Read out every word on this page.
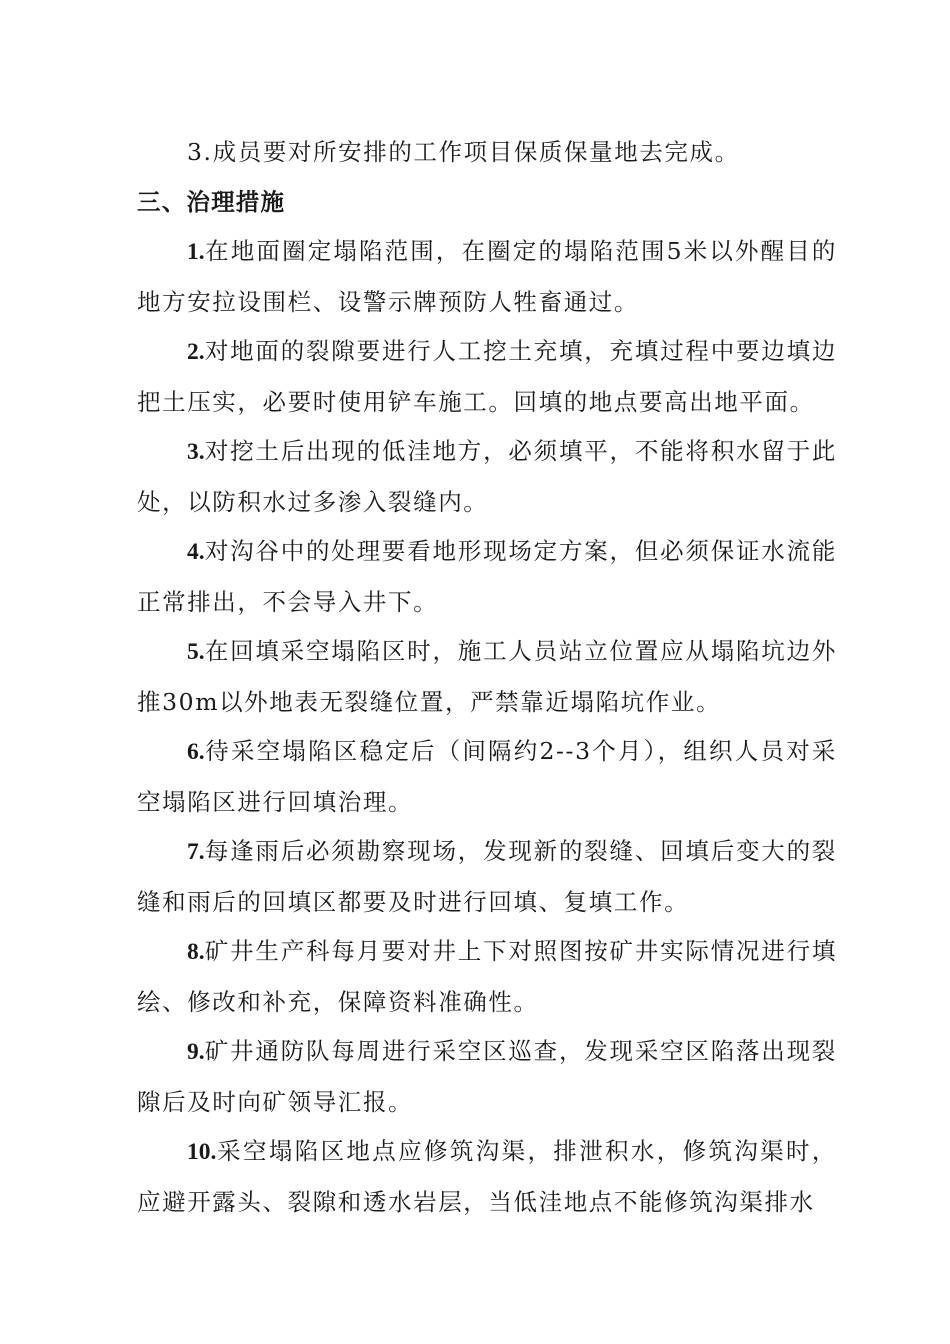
3.成员要对所安排的工作项目保质保量地去完成。

三、治理措施

1.在地面圈定塌陷范围，在圈定的塌陷范围5米以外醒目的地方安拉设围栏、设警示牌预防人牲畜通过。

2.对地面的裂隙要进行人工挖土充填，充填过程中要边填边把土压实，必要时使用铲车施工。回填的地点要高出地平面。

3.对挖土后出现的低洼地方，必须填平，不能将积水留于此处，以防积水过多渗入裂缝内。

4.对沟谷中的处理要看地形现场定方案，但必须保证水流能正常排出，不会导入井下。

5.在回填采空塌陷区时，施工人员站立位置应从塌陷坑边外推30m以外地表无裂缝位置，严禁靠近塌陷坑作业。

6.待采空塌陷区稳定后（间隔约2--3个月），组织人员对采空塌陷区进行回填治理。

7.每逢雨后必须勘察现场，发现新的裂缝、回填后变大的裂缝和雨后的回填区都要及时进行回填、复填工作。

8.矿井生产科每月要对井上下对照图按矿井实际情况进行填绘、修改和补充，保障资料准确性。

9.矿井通防队每周进行采空区巡查，发现采空区陷落出现裂隙后及时向矿领导汇报。

10.采空塌陷区地点应修筑沟渠，排泄积水，修筑沟渠时，应避开露头、裂隙和透水岩层，当低洼地点不能修筑沟渠排水
